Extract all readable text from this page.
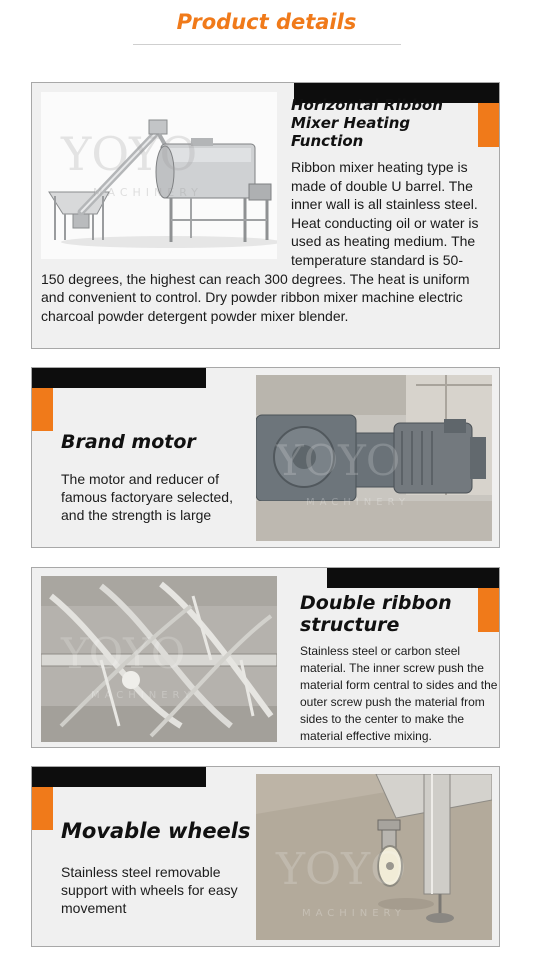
Product details
YOYO
MACHINERY
Horizontal Ribbon
Mixer Heating Function
Ribbon mixer heating type is made of double U barrel. The inner wall is all stainless steel. Heat conducting oil or water is used as heating medium. The temperature standard is 50-150 degrees, the highest can reach 300 degrees. The heat is uniform and convenient to control. Dry powder ribbon mixer machine electric charcoal powder detergent powder mixer blender.
Brand motor
The motor and reducer of famous factoryare selected, and the strength is large
YOYO
MACHINERY
YOYO
MACHINERY
Double ribbon
structure
Stainless steel or carbon steel material. The inner screw push the material form central to sides and the outer screw push the material from sides to the center to make the material effective mixing.
Movable wheels
Stainless steel removable support with wheels for easy movement
YOYO
MACHINERY
